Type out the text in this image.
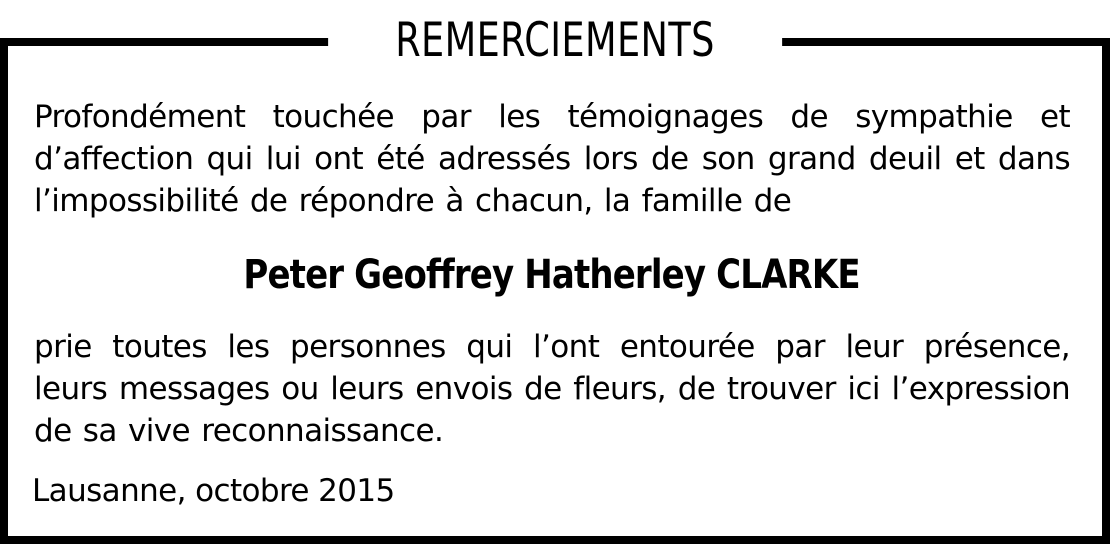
REMERCIEMENTS
Profondément touchée par les témoignages de sympathie et d’affection qui lui ont été adressés lors de son grand deuil et dans l’impossibilité de répondre à chacun, la famille de
Peter Geoffrey Hatherley CLARKE
prie toutes les personnes qui l’ont entourée par leur présence, leurs messages ou leurs envois de fleurs, de trouver ici l’expression de sa vive reconnaissance.
Lausanne, octobre 2015
